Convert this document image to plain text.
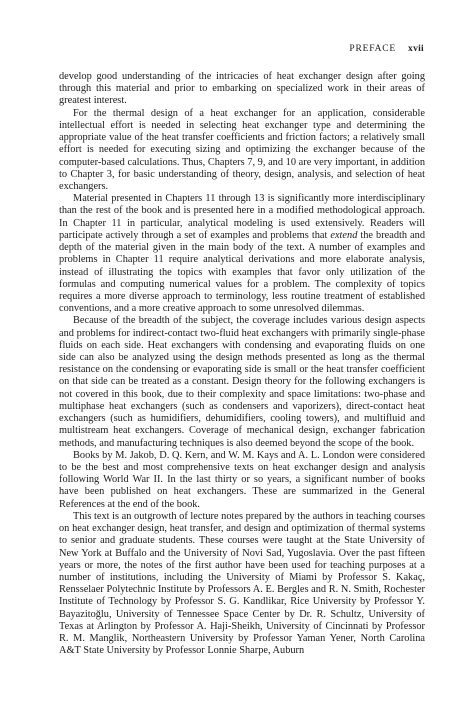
PREFACE xvii

develop good understanding of the intricacies of heat exchanger design after going through this material and prior to embarking on specialized work in their areas of greatest interest.

For the thermal design of a heat exchanger for an application, considerable intellectual effort is needed in selecting heat exchanger type and determining the appropriate value of the heat transfer coefficients and friction factors; a relatively small effort is needed for executing sizing and optimizing the exchanger because of the computer-based calculations. Thus, Chapters 7, 9, and 10 are very important, in addition to Chapter 3, for basic understanding of theory, design, analysis, and selection of heat exchangers.

Material presented in Chapters 11 through 13 is significantly more interdisciplinary than the rest of the book and is presented here in a modified methodological approach. In Chapter 11 in particular, analytical modeling is used extensively. Readers will participate actively through a set of examples and problems that extend the breadth and depth of the material given in the main body of the text. A number of examples and problems in Chapter 11 require analytical derivations and more elaborate analysis, instead of illustrating the topics with examples that favor only utilization of the formulas and computing numerical values for a problem. The complexity of topics requires a more diverse approach to terminology, less routine treatment of established conventions, and a more creative approach to some unresolved dilemmas.

Because of the breadth of the subject, the coverage includes various design aspects and problems for indirect-contact two-fluid heat exchangers with primarily single-phase fluids on each side. Heat exchangers with condensing and evaporating fluids on one side can also be analyzed using the design methods presented as long as the thermal resistance on the condensing or evaporating side is small or the heat transfer coefficient on that side can be treated as a constant. Design theory for the following exchangers is not covered in this book, due to their complexity and space limitations: two-phase and multiphase heat exchangers (such as condensers and vaporizers), direct-contact heat exchangers (such as humidifiers, dehumidifiers, cooling towers), and multifluid and multistream heat exchangers. Coverage of mechanical design, exchanger fabrication methods, and manufacturing techniques is also deemed beyond the scope of the book.

Books by M. Jakob, D. Q. Kern, and W. M. Kays and A. L. London were considered to be the best and most comprehensive texts on heat exchanger design and analysis following World War II. In the last thirty or so years, a significant number of books have been published on heat exchangers. These are summarized in the General References at the end of the book.

This text is an outgrowth of lecture notes prepared by the authors in teaching courses on heat exchanger design, heat transfer, and design and optimization of thermal systems to senior and graduate students. These courses were taught at the State University of New York at Buffalo and the University of Novi Sad, Yugoslavia. Over the past fifteen years or more, the notes of the first author have been used for teaching purposes at a number of institutions, including the University of Miami by Professor S. Kakaç, Rensselaer Polytechnic Institute by Professors A. E. Bergles and R. N. Smith, Rochester Institute of Technology by Professor S. G. Kandlikar, Rice University by Professor Y. Bayazitoğlu, University of Tennessee Space Center by Dr. R. Schultz, University of Texas at Arlington by Professor A. Haji-Sheikh, University of Cincinnati by Professor R. M. Manglik, Northeastern University by Professor Yaman Yener, North Carolina A&T State University by Professor Lonnie Sharpe, Auburn
